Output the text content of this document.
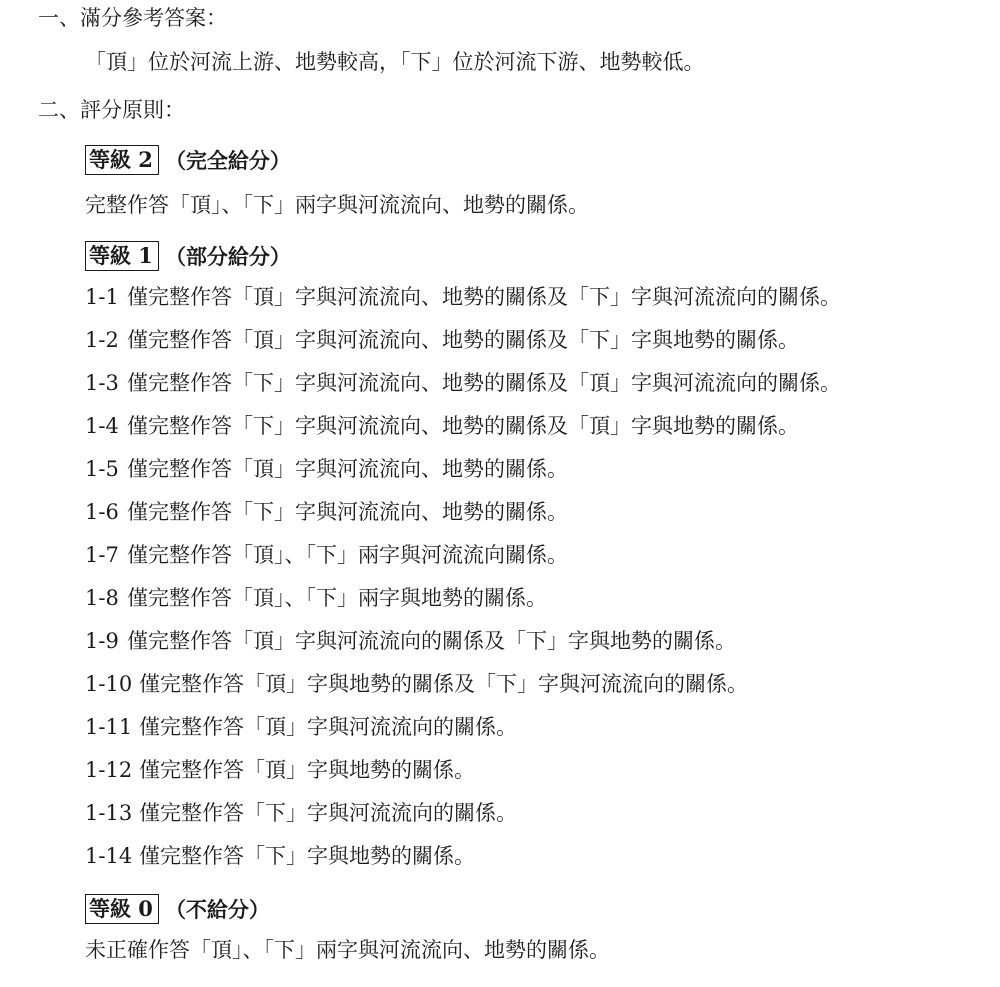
一、滿分參考答案：
「頂」位於河流上游、地勢較高，「下」位於河流下游、地勢較低。
二、評分原則：
等級 2 （完全給分）
完整作答「頂」、「下」兩字與河流流向、地勢的關係。
等級 1 （部分給分）
1-1 僅完整作答「頂」字與河流流向、地勢的關係及「下」字與河流流向的關係。
1-2 僅完整作答「頂」字與河流流向、地勢的關係及「下」字與地勢的關係。
1-3 僅完整作答「下」字與河流流向、地勢的關係及「頂」字與河流流向的關係。
1-4 僅完整作答「下」字與河流流向、地勢的關係及「頂」字與地勢的關係。
1-5 僅完整作答「頂」字與河流流向、地勢的關係。
1-6 僅完整作答「下」字與河流流向、地勢的關係。
1-7 僅完整作答「頂」、「下」兩字與河流流向關係。
1-8 僅完整作答「頂」、「下」兩字與地勢的關係。
1-9 僅完整作答「頂」字與河流流向的關係及「下」字與地勢的關係。
1-10 僅完整作答「頂」字與地勢的關係及「下」字與河流流向的關係。
1-11 僅完整作答「頂」字與河流流向的關係。
1-12 僅完整作答「頂」字與地勢的關係。
1-13 僅完整作答「下」字與河流流向的關係。
1-14 僅完整作答「下」字與地勢的關係。
等級 0 （不給分）
未正確作答「頂」、「下」兩字與河流流向、地勢的關係。
